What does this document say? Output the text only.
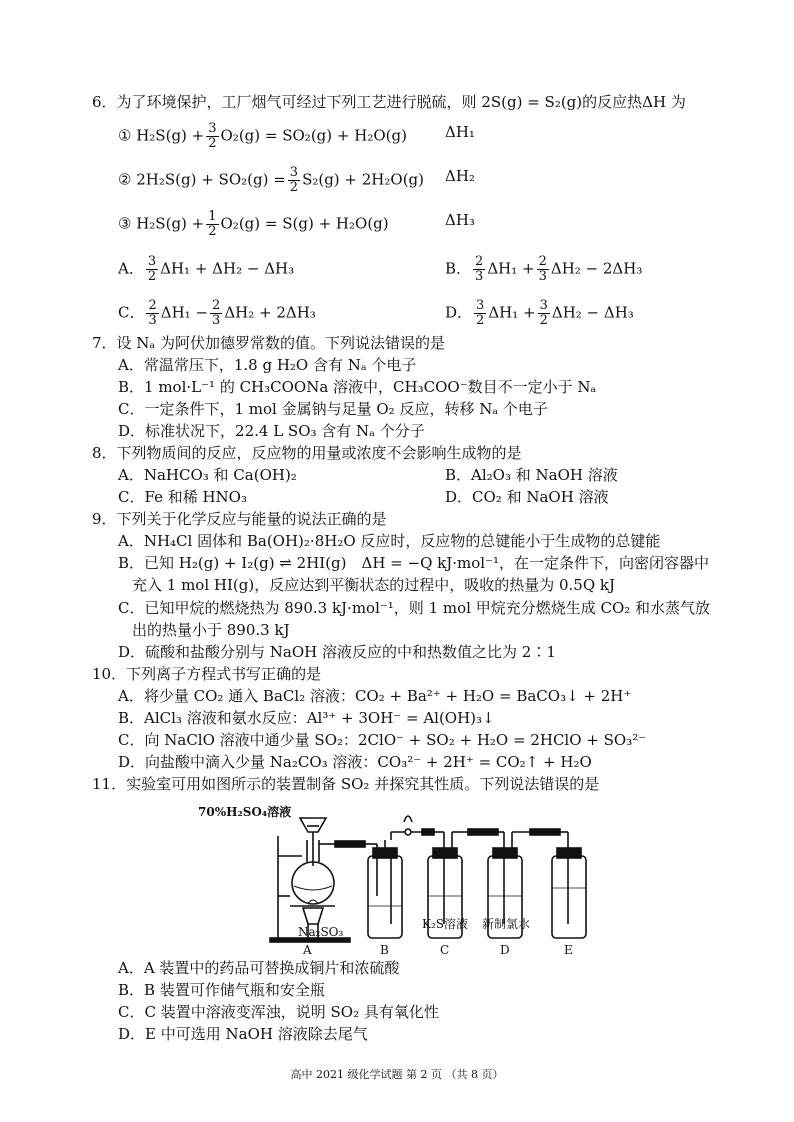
6．为了环境保护，工厂烟气可经过下列工艺进行脱硫，则 2S(g) = S₂(g)的反应热ΔH 为
① $H_2S(g) + \frac{3}{2} O_2(g) = SO_2(g) + H_2O(g)$	ΔH₁
② $2H_2S(g) + SO_2(g) = \frac{3}{2} S_2(g) + 2H_2O(g)$ ΔH₂
③ $H_2S(g) + \frac{1}{2} O_2(g) = S(g) + H_2O(g)$	ΔH₃
A． $\frac{3}{2} \Delta H_1 + \Delta H_2 - \Delta H_3$	B． $\frac{2}{3} \Delta H_1 + \frac{2}{3} \Delta H_2 - 2\Delta H_3$
C． $\frac{2}{3} \Delta H_1 - \frac{2}{3} \Delta H_2 + 2\Delta H_3$	D． $\frac{3}{2} \Delta H_1 + \frac{3}{2} \Delta H_2 - \Delta H_3$
7．设 Nₐ 为阿伏加德罗常数的值。下列说法错误的是
A．常温常压下，1.8 g H₂O 含有 Nₐ 个电子
B．1 mol·L⁻¹ 的 CH₃COONa 溶液中，CH₃COO⁻数目不一定小于 Nₐ
C．一定条件下，1 mol 金属钠与足量 O₂ 反应，转移 Nₐ 个电子
D．标准状况下，22.4 L SO₃ 含有 Nₐ 个分子
8．下列物质间的反应，反应物的用量或浓度不会影响生成物的是
A．NaHCO₃ 和 Ca(OH)₂	B．Al₂O₃ 和 NaOH 溶液
C．Fe 和稀 HNO₃	D．CO₂ 和 NaOH 溶液
9．下列关于化学反应与能量的说法正确的是
A．NH₄Cl 固体和 Ba(OH)₂·8H₂O 反应时，反应物的总键能小于生成物的总键能
B．已知 H₂(g) + I₂(g) ⇌ 2HI(g)　ΔH = −Q kJ·mol⁻¹，在一定条件下，向密闭容器中
充入 1 mol HI(g)，反应达到平衡状态的过程中，吸收的热量为 0.5Q kJ
C．已知甲烷的燃烧热为 890.3 kJ·mol⁻¹，则 1 mol 甲烷充分燃烧生成 CO₂ 和水蒸气放
出的热量小于 890.3 kJ
D．硫酸和盐酸分别与 NaOH 溶液反应的中和热数值之比为 2∶1
10．下列离子方程式书写正确的是
A．将少量 CO₂ 通入 BaCl₂ 溶液：CO₂ + Ba²⁺ + H₂O = BaCO₃↓ + 2H⁺
B．AlCl₃ 溶液和氨水反应：Al³⁺ + 3OH⁻ = Al(OH)₃↓
C．向 NaClO 溶液中通少量 SO₂：2ClO⁻ + SO₂ + H₂O = 2HClO + SO₃²⁻
D．向盐酸中滴入少量 Na₂CO₃ 溶液：CO₃²⁻ + 2H⁺ = CO₂↑ + H₂O
11．实验室可用如图所示的装置制备 SO₂ 并探究其性质。下列说法错误的是
70%H₂SO₄溶液
Na₂SO₃
K₂S溶液 新制氯水
A	B	C	D	E
A．A 装置中的药品可替换成铜片和浓硫酸
B．B 装置可作储气瓶和安全瓶
C．C 装置中溶液变浑浊，说明 SO₂ 具有氧化性
D．E 中可选用 NaOH 溶液除去尾气
高中 2021 级化学试题 第 2 页 （共 8 页）
